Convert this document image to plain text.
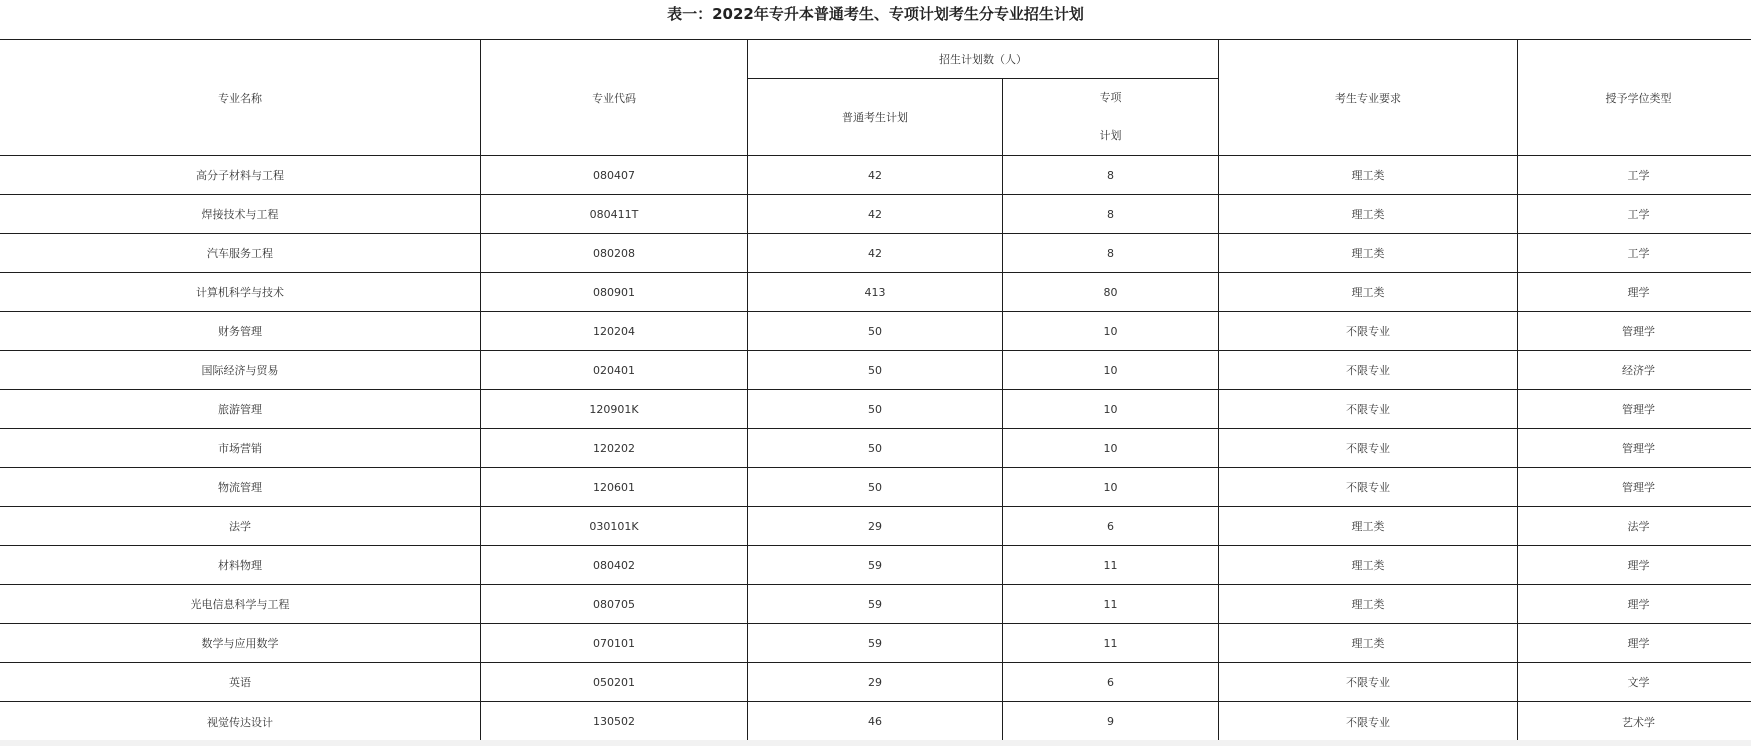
表一：2022年专升本普通考生、专项计划考生分专业招生计划
专业名称	专业代码	招生计划数（人）		考生专业要求	授予学位类型
		普通考生计划	专项
计划		

高分子材料与工程	080407	42	8	理工类	工学
焊接技术与工程	080411T	42	8	理工类	工学
汽车服务工程	080208	42	8	理工类	工学
计算机科学与技术	080901	413	80	理工类	理学
财务管理	120204	50	10	不限专业	管理学
国际经济与贸易	020401	50	10	不限专业	经济学
旅游管理	120901K	50	10	不限专业	管理学
市场营销	120202	50	10	不限专业	管理学
物流管理	120601	50	10	不限专业	管理学
法学	030101K	29	6	理工类	法学
材料物理	080402	59	11	理工类	理学
光电信息科学与工程	080705	59	11	理工类	理学
数学与应用数学	070101	59	11	理工类	理学
英语	050201	29	6	不限专业	文学
视觉传达设计	130502	46	9	不限专业	艺术学
